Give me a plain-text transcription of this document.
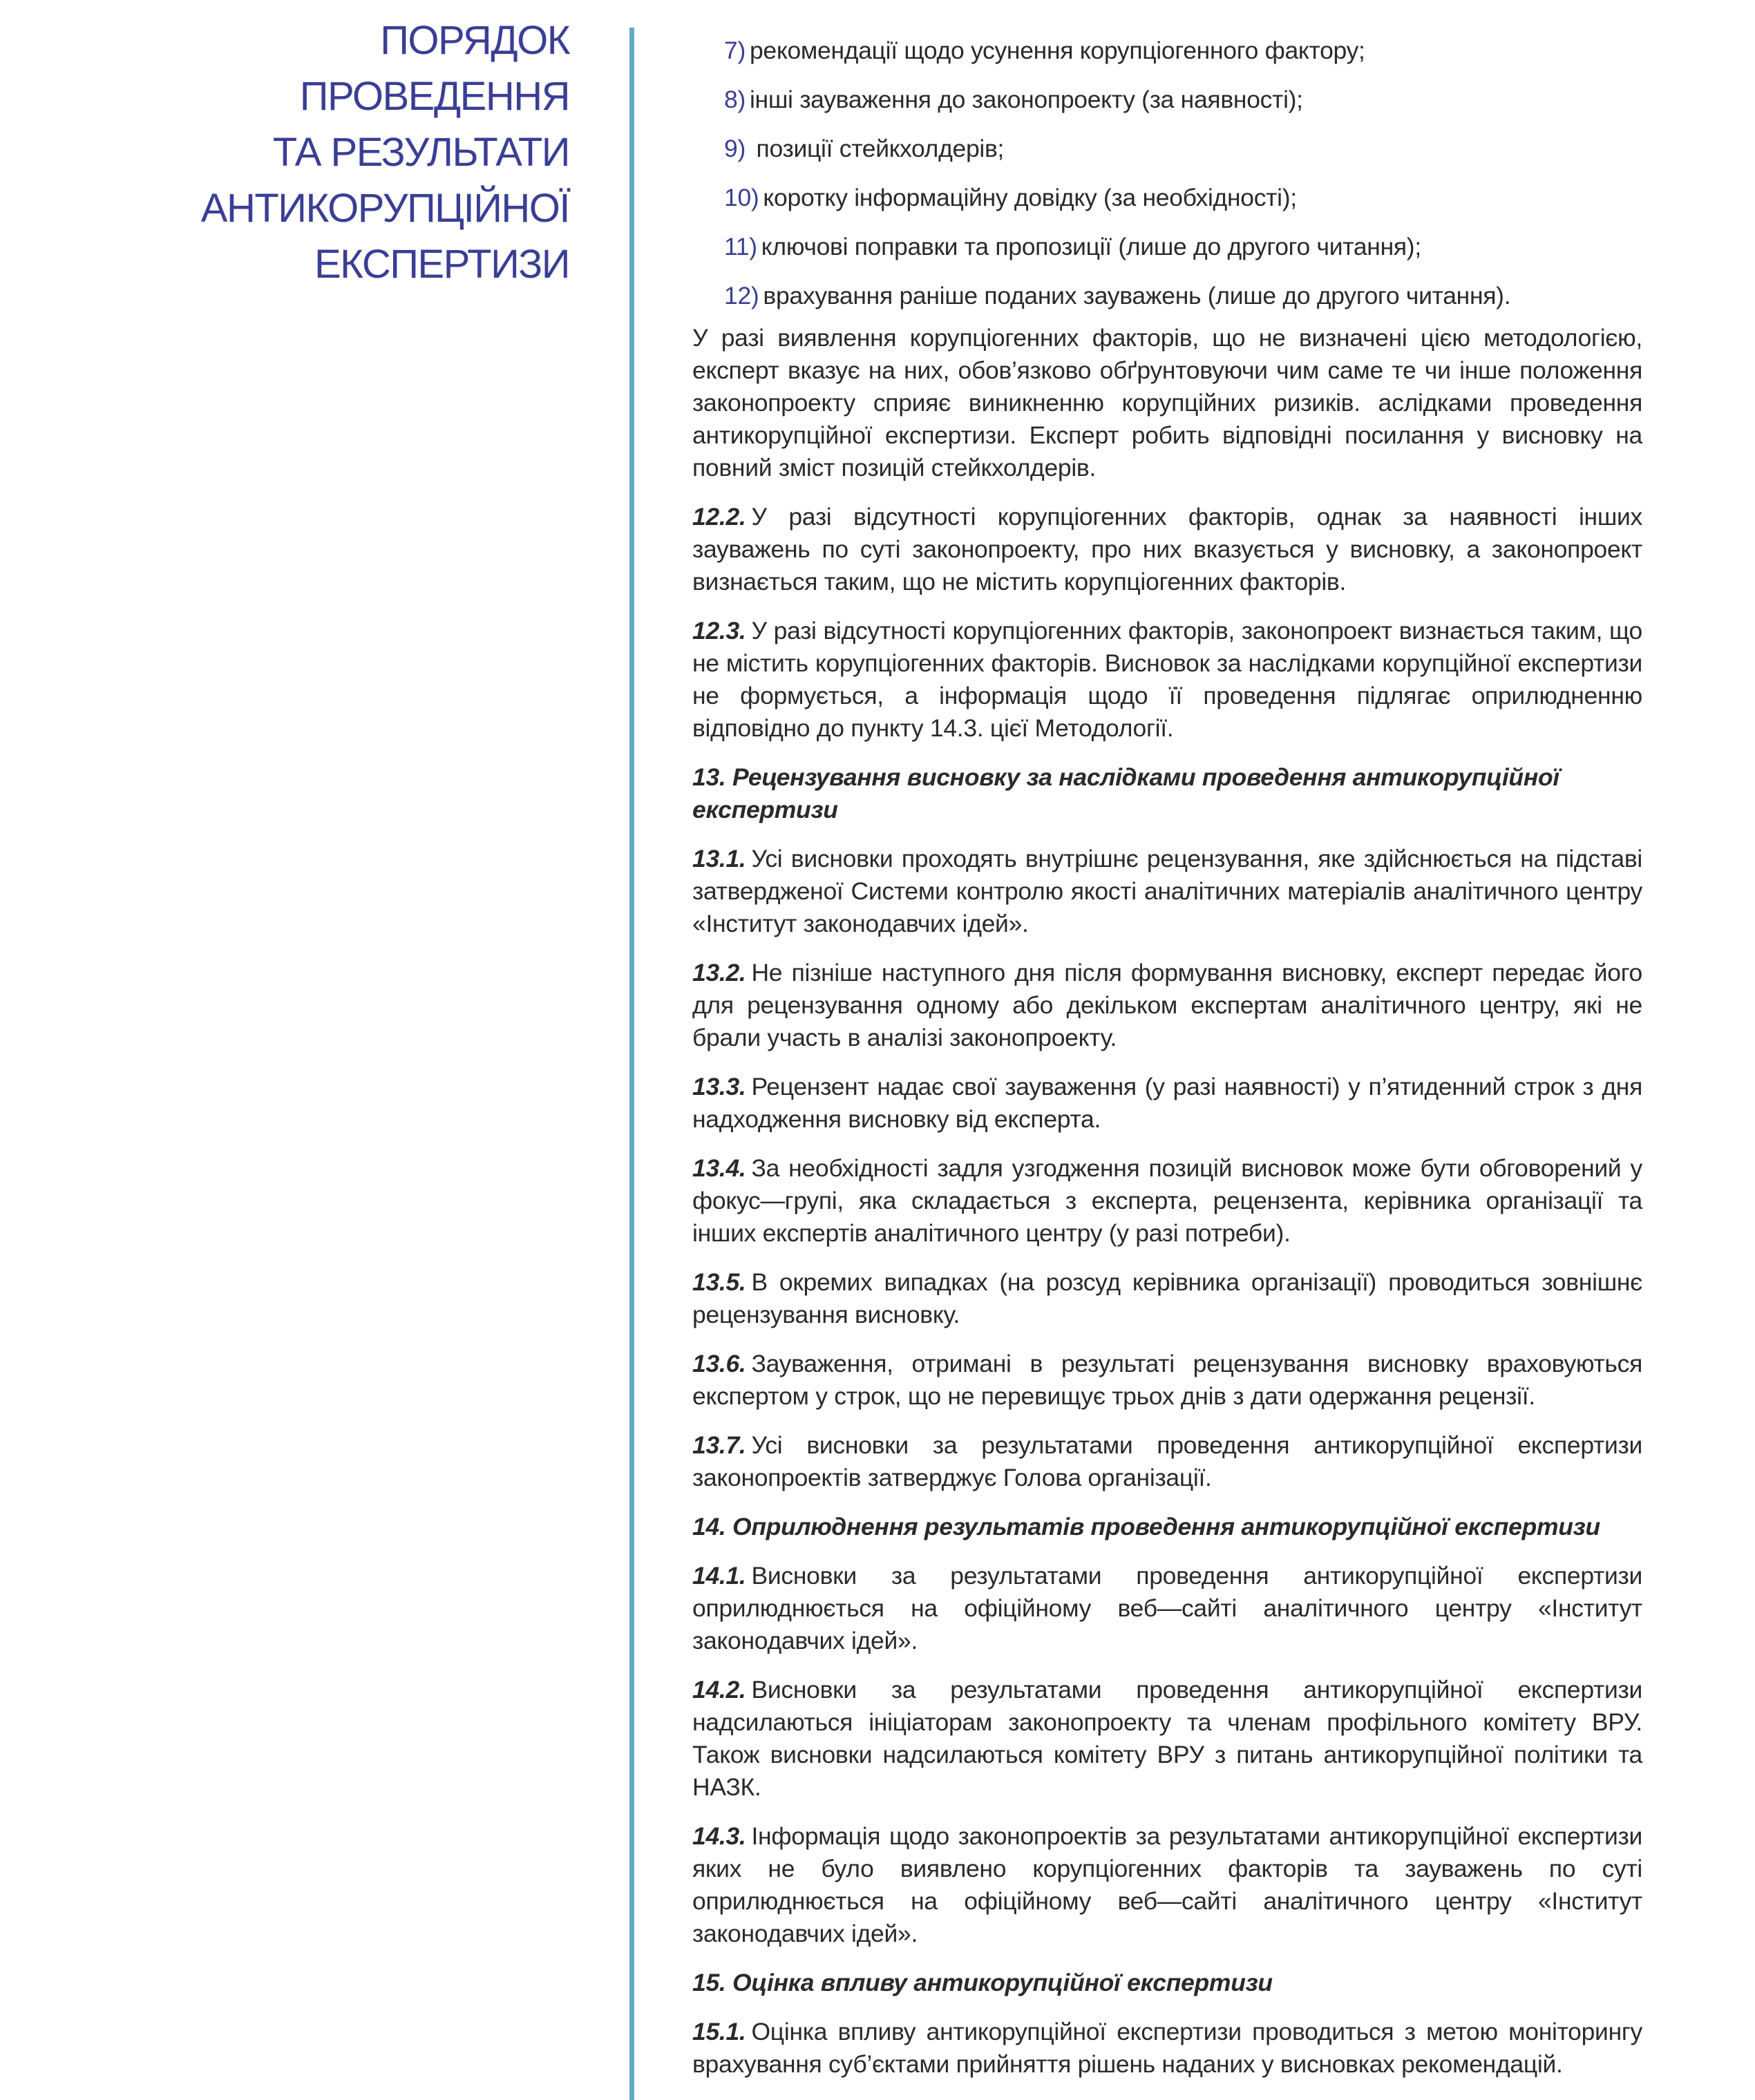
ПОРЯДОК
ПРОВЕДЕННЯ
ТА РЕЗУЛЬТАТИ
АНТИКОРУПЦІЙНОЇ
ЕКСПЕРТИЗИ
7) рекомендації щодо усунення корупціогенного фактору;
8) інші зауваження до законопроекту (за наявності);
9) позиції стейкхолдерів;
10) коротку інформаційну довідку (за необхідності);
11) ключові поправки та пропозиції (лише до другого читання);
12) врахування раніше поданих зауважень (лише до другого читання).

У разі виявлення корупціогенних факторів, що не визначені цією методологією, експерт вказує на них, обов’язково обґрунтовуючи чим саме те чи інше положення законопроекту сприяє виникненню корупційних ризиків. аслідками проведення антикорупційної експертизи. Експерт робить відповідні посилання у висновку на повний зміст позицій стейкхолдерів.

12.2. У разі відсутності корупціогенних факторів, однак за наявності інших зауважень по суті законопроекту, про них вказується у висновку, а законопроект визнається таким, що не містить корупціогенних факторів.

12.3. У разі відсутності корупціогенних факторів, законопроект визнається таким, що не містить корупціогенних факторів. Висновок за наслідками корупційної експертизи не формується, а інформація щодо її проведення підлягає оприлюдненню відповідно до пункту 14.3. цієї Методології.

13. Рецензування висновку за наслідками проведення антикорупційної експертизи

13.1. Усі висновки проходять внутрішнє рецензування, яке здійснюється на підставі затвердженої Системи контролю якості аналітичних матеріалів аналітичного центру «Інститут законодавчих ідей».

13.2. Не пізніше наступного дня після формування висновку, експерт передає його для рецензування одному або декільком експертам аналітичного центру, які не брали участь в аналізі законопроекту.

13.3. Рецензент надає свої зауваження (у разі наявності) у п’ятиденний строк з дня надходження висновку від експерта.

13.4. За необхідності задля узгодження позицій висновок може бути обговорений у фокус—групі, яка складається з експерта, рецензента, керівника організації та інших експертів аналітичного центру (у разі потреби).

13.5. В окремих випадках (на розсуд керівника організації) проводиться зовнішнє рецензування висновку.

13.6. Зауваження, отримані в результаті рецензування висновку враховуються експертом у строк, що не перевищує трьох днів з дати одержання рецензії.

13.7. Усі висновки за результатами проведення антикорупційної експертизи законопроектів затверджує Голова організації.

14. Оприлюднення результатів проведення антикорупційної експертизи

14.1. Висновки за результатами проведення антикорупційної експертизи оприлюднюється на офіційному веб—сайті аналітичного центру «Інститут законодавчих ідей».

14.2. Висновки за результатами проведення антикорупційної експертизи надсилаються ініціаторам законопроекту та членам профільного комітету ВРУ. Також висновки надсилаються комітету ВРУ з питань антикорупційної політики та НАЗК.

14.3. Інформація щодо законопроектів за результатами антикорупційної експертизи яких не було виявлено корупціогенних факторів та зауважень по суті оприлюднюється на офіційному веб—сайті аналітичного центру «Інститут законодавчих ідей».

15. Оцінка впливу антикорупційної експертизи

15.1. Оцінка впливу антикорупційної експертизи проводиться з метою моніторингу врахування суб’єктами прийняття рішень наданих у висновках рекомендацій.
